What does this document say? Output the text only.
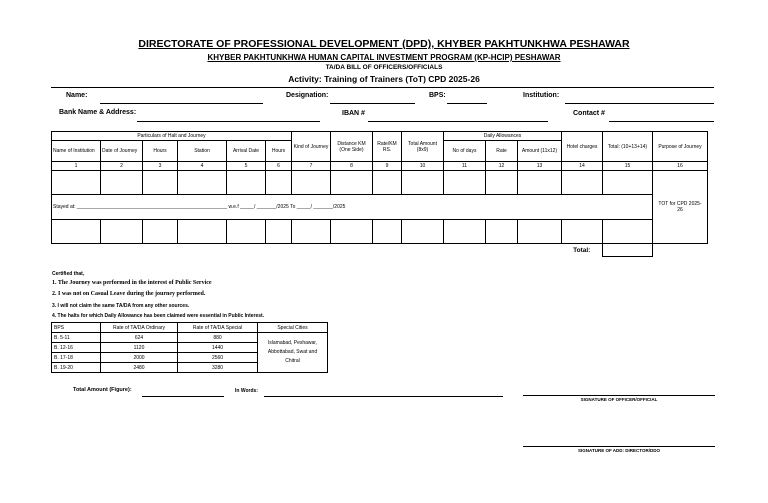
DIRECTORATE OF PROFESSIONAL DEVELOPMENT (DPD), KHYBER PAKHTUNKHWA PESHAWAR
KHYBER PAKHTUNKHWA HUMAN CAPITAL INVESTMENT PROGRAM (KP-HCIP) PESHAWAR
TA/DA BILL OF OFFICERS/OFFICIALS
Activity: Training of Trainers (ToT) CPD 2025-26
Name:	Designation:	BPS:	Institution:
Bank Name & Address:	IBAN #	Contact #
Particulars of Halt and Journey						Kind of Journey	Distance KM (One Side)	Rate/KM RS.	Total Amount (8x9)	Daily Allowances			Hotel charges	Total: (10+13+14)	Purpose of Journey
Name of Institution	Date of Journey	Hours	Station	Arrival Date	Hours					No of days	Rate	Amount (11x12)			
1	2	3	4	5	6	7	8	9	10	11	12	13	14	15	16
															TOT for CPD 2025-26
Stayed at: ______________________________________________________ w.e.f _____/ _______/2025 To _____/ _______/2025															

													Total:		
Certified that,
1. The Journey was performed in the interest of Public Service
2. I was not on Casual Leave during the journey performed.
3. I will not claim the same TA/DA from any other sources.
4. The halts for which Daily Allowance has been claimed were essential in Public Interest.
BPS	Rate of TA/DA Ordinary	Rate of TA/DA Special	Special Cities
B. 5-11	624	880	Islamabad, Peshawar, Abbottabad, Swat and Chitral
B. 12-16	1120	1440	
B. 17-18	2000	2560	
B. 19-20	2480	3280	
Total Amount (Figure):	In Words:
SIGNATURE OF OFFICER/OFFICIAL
SIGNATURE OF ADD: DIRECTOR/DDO
